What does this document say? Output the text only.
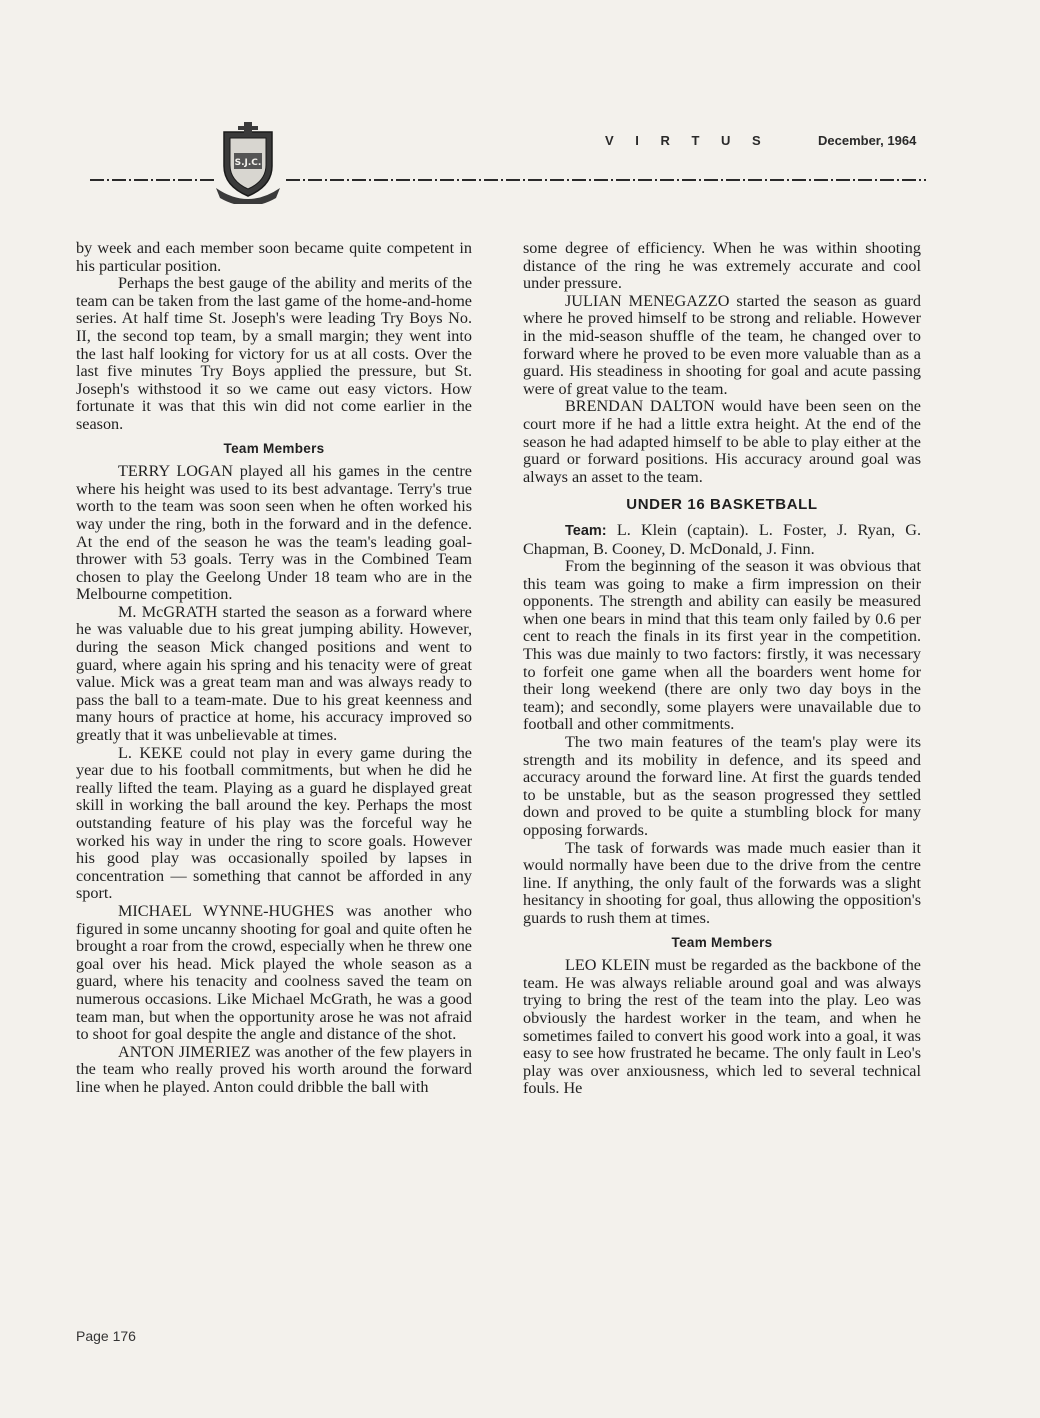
S.J.C.
V I R T U S	December, 1964

by week and each member soon became quite competent in his particular position.

Perhaps the best gauge of the ability and merits of the team can be taken from the last game of the home-and-home series. At half time St. Joseph's were leading Try Boys No. II, the second top team, by a small margin; they went into the last half looking for victory for us at all costs. Over the last five minutes Try Boys applied the pressure, but St. Joseph's withstood it so we came out easy victors. How fortunate it was that this win did not come earlier in the season.

Team Members

TERRY LOGAN played all his games in the centre where his height was used to its best advantage. Terry's true worth to the team was soon seen when he often worked his way under the ring, both in the forward and in the defence. At the end of the season he was the team's leading goal-thrower with 53 goals. Terry was in the Combined Team chosen to play the Geelong Under 18 team who are in the Melbourne competition.

M. McGRATH started the season as a forward where he was valuable due to his great jumping ability. However, during the season Mick changed positions and went to guard, where again his spring and his tenacity were of great value. Mick was a great team man and was always ready to pass the ball to a team-mate. Due to his great keenness and many hours of practice at home, his accuracy improved so greatly that it was unbelievable at times.

L. KEKE could not play in every game during the year due to his football commitments, but when he did he really lifted the team. Playing as a guard he displayed great skill in working the ball around the key. Perhaps the most outstanding feature of his play was the forceful way he worked his way in under the ring to score goals. However his good play was occasionally spoiled by lapses in concentration — something that cannot be afforded in any sport.

MICHAEL WYNNE-HUGHES was another who figured in some uncanny shooting for goal and quite often he brought a roar from the crowd, especially when he threw one goal over his head. Mick played the whole season as a guard, where his tenacity and coolness saved the team on numerous occasions. Like Michael McGrath, he was a good team man, but when the opportunity arose he was not afraid to shoot for goal despite the angle and distance of the shot.

ANTON JIMERIEZ was another of the few players in the team who really proved his worth around the forward line when he played. Anton could dribble the ball with

some degree of efficiency. When he was within shooting distance of the ring he was extremely accurate and cool under pressure.

JULIAN MENEGAZZO started the season as guard where he proved himself to be strong and reliable. However in the mid-season shuffle of the team, he changed over to forward where he proved to be even more valuable than as a guard. His steadiness in shooting for goal and acute passing were of great value to the team.

BRENDAN DALTON would have been seen on the court more if he had a little extra height. At the end of the season he had adapted himself to be able to play either at the guard or forward positions. His accuracy around goal was always an asset to the team.

UNDER 16 BASKETBALL

Team: L. Klein (captain). L. Foster, J. Ryan, G. Chapman, B. Cooney, D. McDonald, J. Finn.

From the beginning of the season it was obvious that this team was going to make a firm impression on their opponents. The strength and ability can easily be measured when one bears in mind that this team only failed by 0.6 per cent to reach the finals in its first year in the competition. This was due mainly to two factors: firstly, it was necessary to forfeit one game when all the boarders went home for their long weekend (there are only two day boys in the team); and secondly, some players were unavailable due to football and other commitments.

The two main features of the team's play were its strength and its mobility in defence, and its speed and accuracy around the forward line. At first the guards tended to be unstable, but as the season progressed they settled down and proved to be quite a stumbling block for many opposing forwards.

The task of forwards was made much easier than it would normally have been due to the drive from the centre line. If anything, the only fault of the forwards was a slight hesitancy in shooting for goal, thus allowing the opposition's guards to rush them at times.

Team Members

LEO KLEIN must be regarded as the backbone of the team. He was always reliable around goal and was always trying to bring the rest of the team into the play. Leo was obviously the hardest worker in the team, and when he sometimes failed to convert his good work into a goal, it was easy to see how frustrated he became. The only fault in Leo's play was over anxiousness, which led to several technical fouls. He

Page 176
